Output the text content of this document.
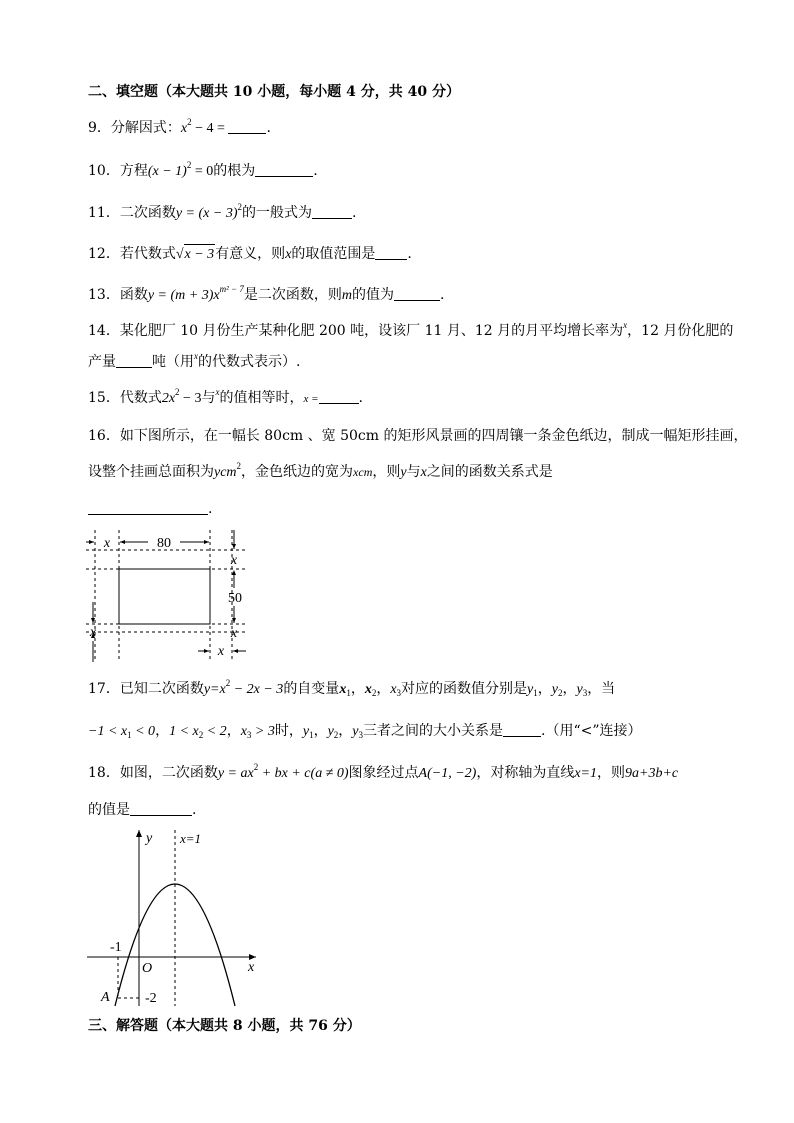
二、填空题（本大题共 10 小题，每小题 4 分，共 40 分）
9．分解因式：$x^2 - 4$ =	.
10．方程$(x - 1)^2 = 0$的根为	.
11．二次函数$y = (x - 3)^2$的一般式为	.
12．若代数式√x − 3有意义，则x的取值范围是 .
13．函数$y = (m + 3)x^{m^2 - 7}$是二次函数，则m的值为	.
14．某化肥厂 10 月份生产某种化肥 200 吨，设该厂 11 月、12 月的月平均增长率为$^x$，12 月份化肥的
产量	吨（用$^x$的代数式表示）.
15．代数式$2x^2 - 3$与$^x$的值相等时，x =	.
16．如下图所示，在一幅长 80cm 、宽 50cm 的矩形风景画的四周镶一条金色纸边，制成一幅矩形挂画，
设整个挂画总面积为ycm$^2$，金色纸边的宽为xcm，则y与x之间的函数关系式是
.
x
x
x
x
x
80
50
17．已知二次函数$y=x^2 - 2x - 3$的自变量$x_1$，$x_2$，$x_3$对应的函数值分别是$y_1$，$y_2$，$y_3$，当
$-1 < x_1 < 0$，$1 < x_2 < 2$，$x_3 > 3$时，$y_1$，$y_2$，$y_3$三者之间的大小关系是	.（用“<”连接）
18．如图，二次函数$y = ax^2$ + bx + c(a ≠ 0)图象经过点A(−1, −2)，对称轴为直线x=1，则9a+3b+c
的值是	.
y
x
O
A
-1
-2
x=1
三、解答题（本大题共 8 小题，共 76 分）
